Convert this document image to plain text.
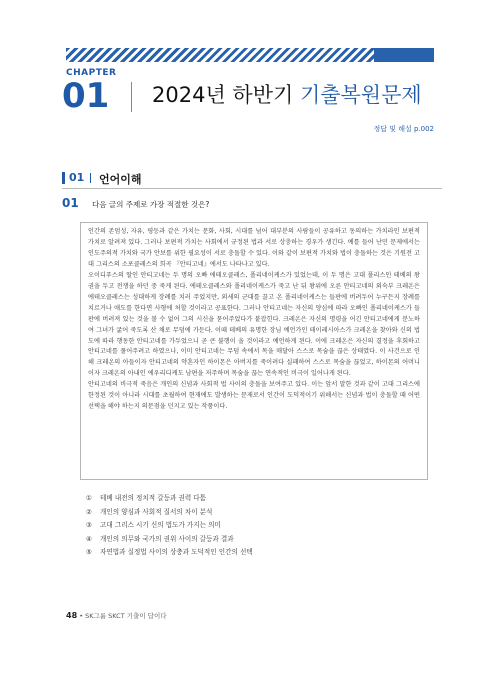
CHAPTER
01 2024년 하반기 기출복원문제
정답 및 해설 p.002
01 언어이해
01 다음 글의 주제로 가장 적절한 것은?

인간의 존엄성, 자유, 평등과 같은 가치는 문화, 사회, 시대를 넘어 대부분의 사람들이 공유하고 동의하는 가치라인 보편적 가치로 알려져 있다. 그러나 보편적 가치는 사회에서 규정된 법과 서로 상충하는 경우가 생긴다. 예를 들어 난민 문제에서는 인도주의적 가치와 국가 안보를 위한 필요성이 서로 충돌할 수 있다. 이와 같이 보편적 가치와 법이 충돌하는 것은 기원전 고대 그리스의 소포클레스의 희곡 『안티고네』에서도 나타나고 있다.

오이디푸스의 딸인 안티고네는 두 명의 오빠 에테오클레스, 폴리네이케스가 있었는데, 이 두 명은 고대 폴리스인 테베의 왕권을 두고 전쟁을 하던 중 죽게 된다. 에테오클레스와 폴리네이케스가 죽고 난 뒤 왕위에 오른 안티고네의 외숙부 크레온은 에테오클레스는 성대하게 장례를 치러 주었지만, 외세의 군대를 끌고 온 폴리네이케스는 들판에 버려두어 누구든지 장례를 치르거나 애도를 한다면 사형에 처할 것이라고 공표한다. 그러나 안티고네는 자신의 양심에 따라 오빠인 폴리네이케스가 들판에 버려져 있는 것을 볼 수 없어 그의 시신을 묻어주었다가 붙잡힌다. 크레온은 자신의 명령을 어긴 안티고네에게 분노하여 그녀가 굶어 죽도록 산 채로 무덤에 가둔다. 이때 테베의 유명한 장님 예언가인 테이레시아스가 크레온을 찾아와 신의 법도에 따라 행동한 안티고네를 가두었으니 곧 큰 불행이 올 것이라고 예언하게 된다. 이에 크레온은 자신의 결정을 후회하고 안티고네를 풀어주려고 하였으나, 이미 안티고네는 무덤 속에서 목을 매달아 스스로 목숨을 끊은 상태였다. 이 사건으로 인해 크레온의 아들이자 안티고네의 약혼자인 하이몬은 아버지를 죽이려다 실패하여 스스로 목숨을 끊었고, 하이몬의 어머니이자 크레온의 아내인 에우리디케도 남편을 저주하며 목숨을 끊는 연속적인 비극이 일어나게 된다.

안티고네의 비극적 죽음은 개인의 신념과 사회적 법 사이의 충돌을 보여주고 있다. 이는 앞서 말한 것과 같이 고대 그리스에 한정된 것이 아니라 시대를 초월하여 현재에도 발생하는 문제로서 인간이 도덕적이기 위해서는 신념과 법이 충돌할 때 어떤 선택을 해야 하는지 의문점을 던지고 있는 작품이다.

① 테베 내전의 정치적 갈등과 권력 다툼
② 개인의 양심과 사회적 질서의 차이 분석
③ 고대 그리스 시기 신의 법도가 가지는 의미
④ 개인의 의무와 국가의 권위 사이의 갈등과 결과
⑤ 자연법과 실정법 사이의 상충과 도덕적인 인간의 선택
48 • SK그룹 SKCT 기출이 답이다
